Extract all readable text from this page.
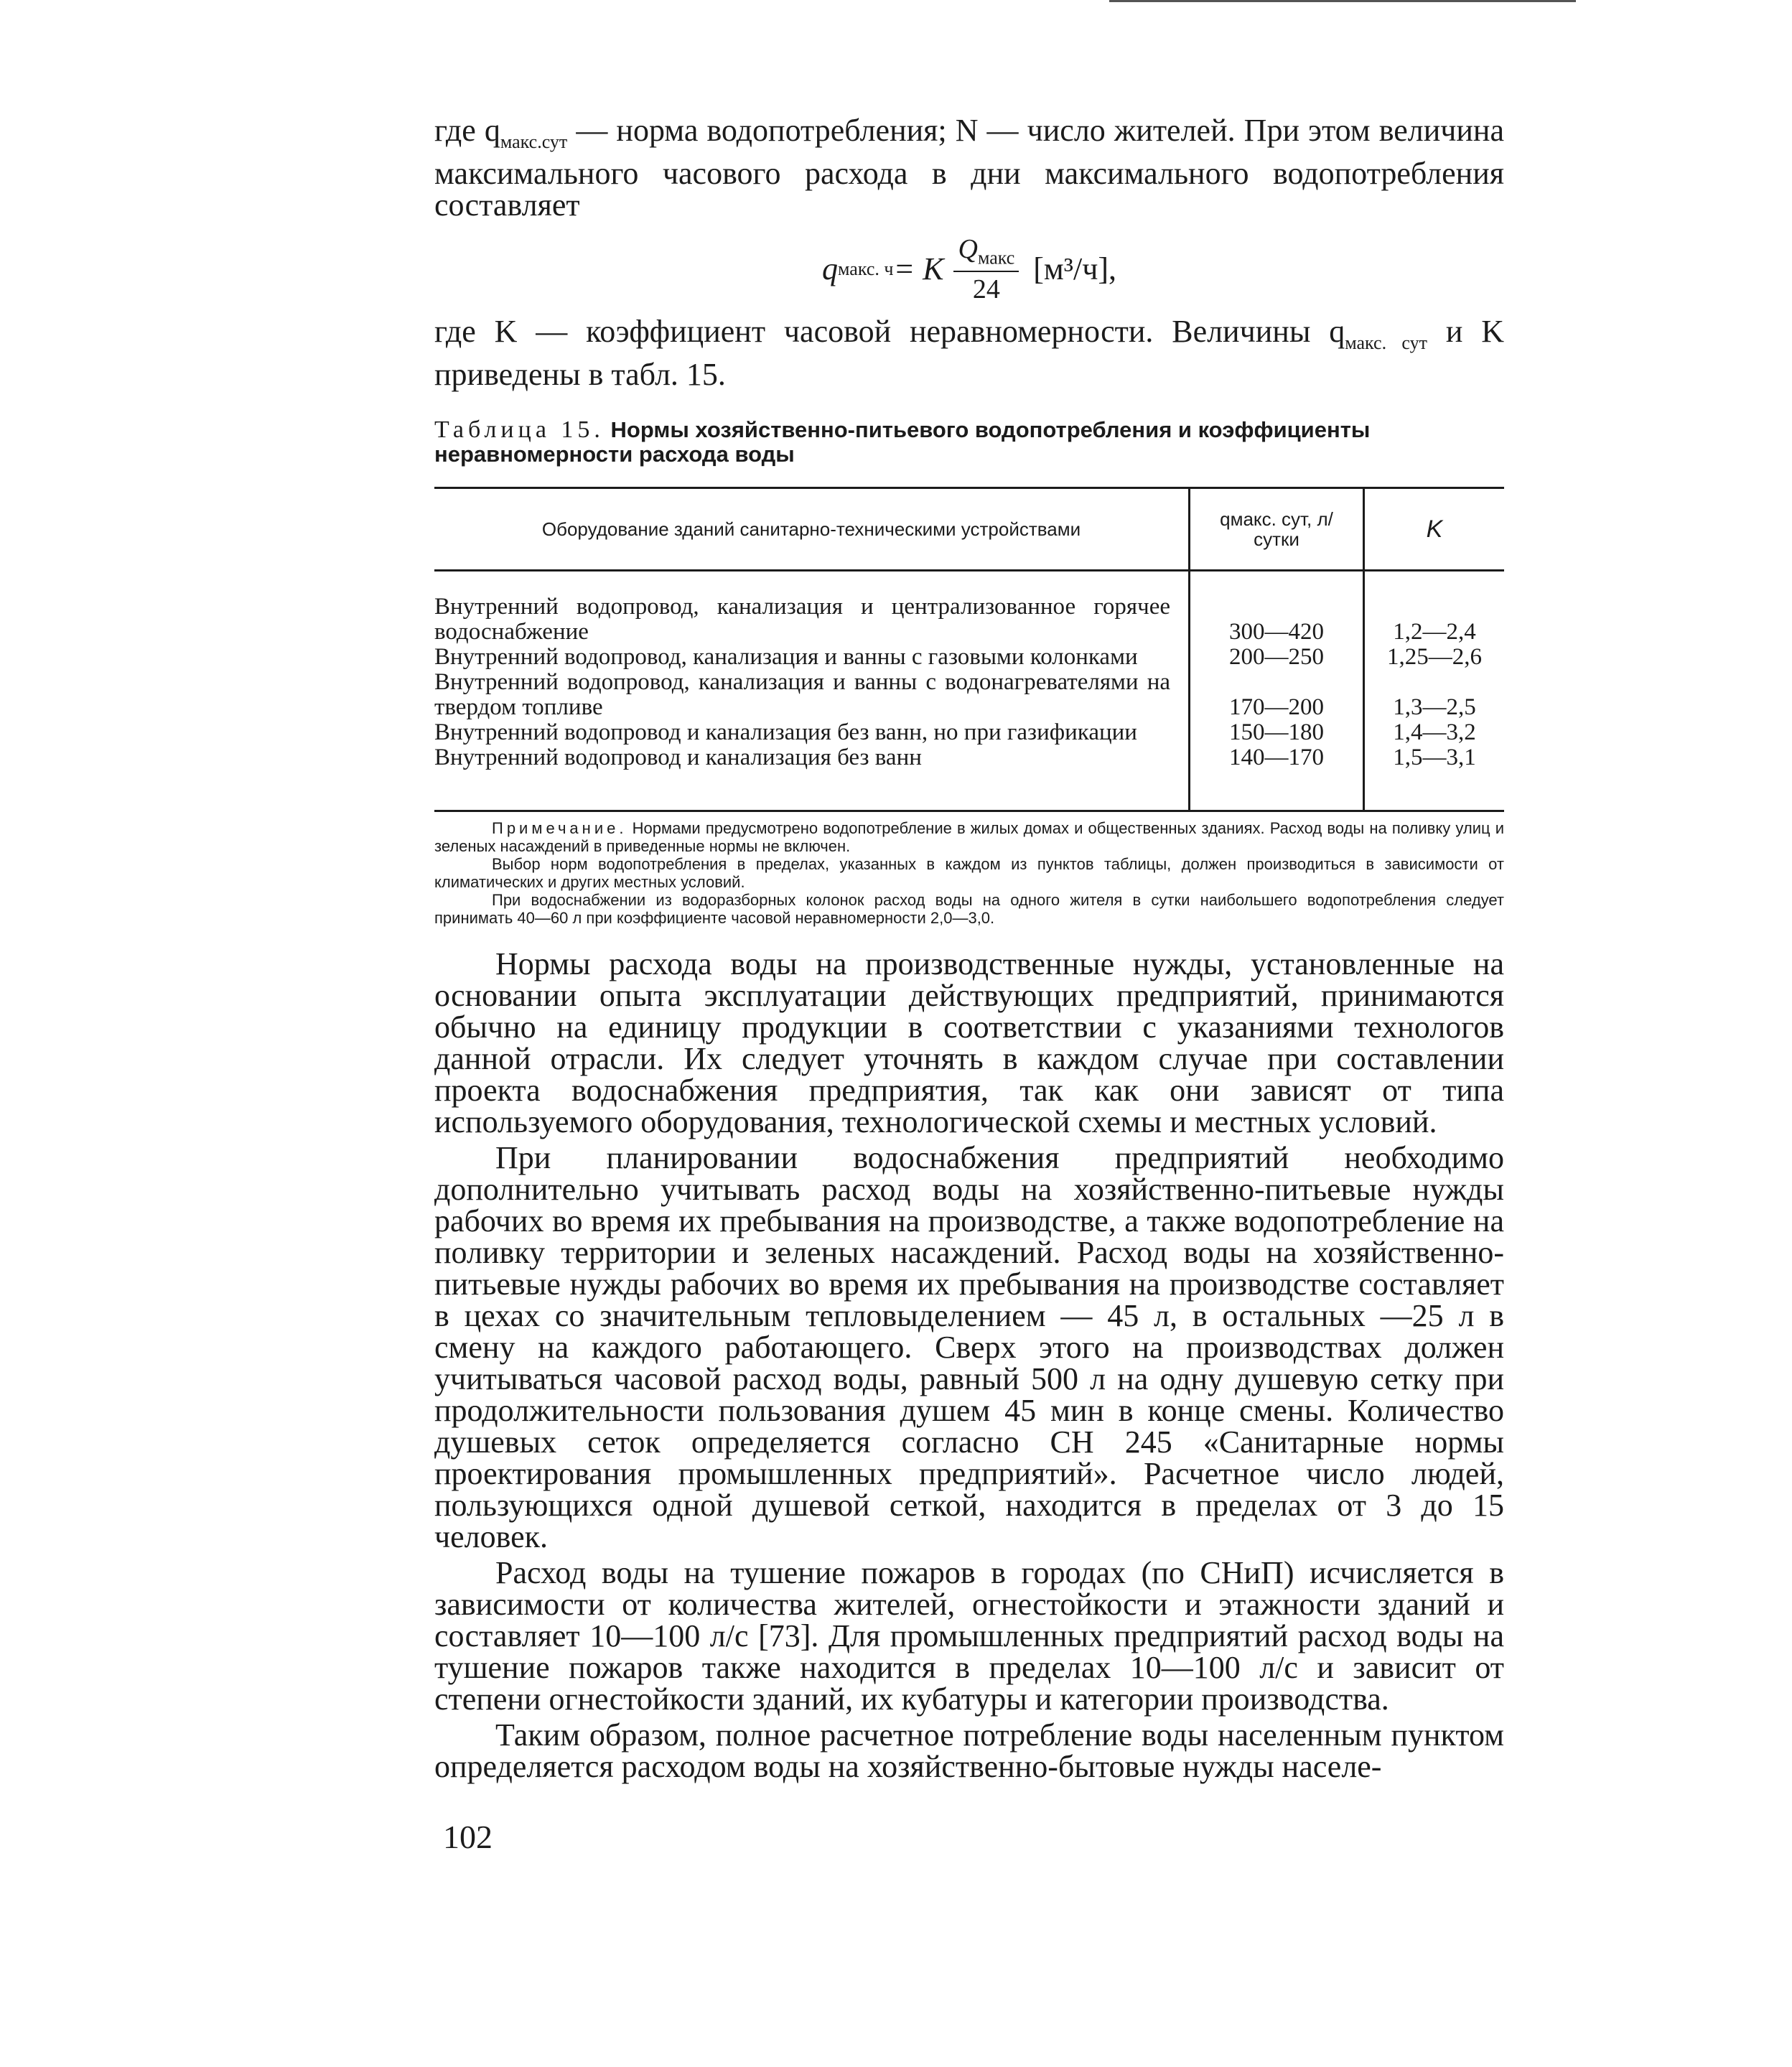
где $q_{макс.сут}$ — норма водопотребления; N — число жителей. При этом величина максимального часового расхода в дни максимального водопотребления составляет

q макс. ч = K $\frac{Q_{макс}}{24} [м^3/ч]$,

где K — коэффициент часовой неравномерности. Величины $q_{макс. сут}$ и K приведены в табл. 15.

Таблица 15. Нормы хозяйственно-питьевого водопотребления и коэффициенты неравномерности расхода воды
Оборудование зданий санитарно-техническими устройствами	qмакс. сут, л/сутки	K
Внутренний водопровод, канализация и централизованное горячее водоснабжение	300—420	1,2—2,4
Внутренний водопровод, канализация и ванны с газовыми колонками	200—250	1,25—2,6
Внутренний водопровод, канализация и ванны с водонагревателями на твердом топливе	170—200	1,3—2,5
Внутренний водопровод и канализация без ванн, но при газификации	150—180	1,4—3,2
Внутренний водопровод и канализация без ванн	140—170	1,5—3,1

Примечание. Нормами предусмотрено водопотребление в жилых домах и общественных зданиях. Расход воды на поливку улиц и зеленых насаждений в приведенные нормы не включен.

Выбор норм водопотребления в пределах, указанных в каждом из пунктов таблицы, должен производиться в зависимости от климатических и других местных условий.

При водоснабжении из водоразборных колонок расход воды на одного жителя в сутки наибольшего водопотребления следует принимать 40—60 л при коэффициенте часовой неравномерности 2,0—3,0.

Нормы расхода воды на производственные нужды, установленные на основании опыта эксплуатации действующих предприятий, принимаются обычно на единицу продукции в соответствии с указаниями технологов данной отрасли. Их следует уточнять в каждом случае при составлении проекта водоснабжения предприятия, так как они зависят от типа используемого оборудования, технологической схемы и местных условий.

При планировании водоснабжения предприятий необходимо дополнительно учитывать расход воды на хозяйственно-питьевые нужды рабочих во время их пребывания на производстве, а также водопотребление на поливку территории и зеленых насаждений. Расход воды на хозяйственно-питьевые нужды рабочих во время их пребывания на производстве составляет в цехах со значительным тепловыделением — 45 л, в остальных —25 л в смену на каждого работающего. Сверх этого на производствах должен учитываться часовой расход воды, равный 500 л на одну душевую сетку при продолжительности пользования душем 45 мин в конце смены. Количество душевых сеток определяется согласно СН 245 «Санитарные нормы проектирования промышленных предприятий». Расчетное число людей, пользующихся одной душевой сеткой, находится в пределах от 3 до 15 человек.

Расход воды на тушение пожаров в городах (по СНиП) исчисляется в зависимости от количества жителей, огнестойкости и этажности зданий и составляет 10—100 л/с [73]. Для промышленных предприятий расход воды на тушение пожаров также находится в пределах 10—100 л/с и зависит от степени огнестойкости зданий, их кубатуры и категории производства.

Таким образом, полное расчетное потребление воды населенным пунктом определяется расходом воды на хозяйственно-бытовые нужды населе-

102
